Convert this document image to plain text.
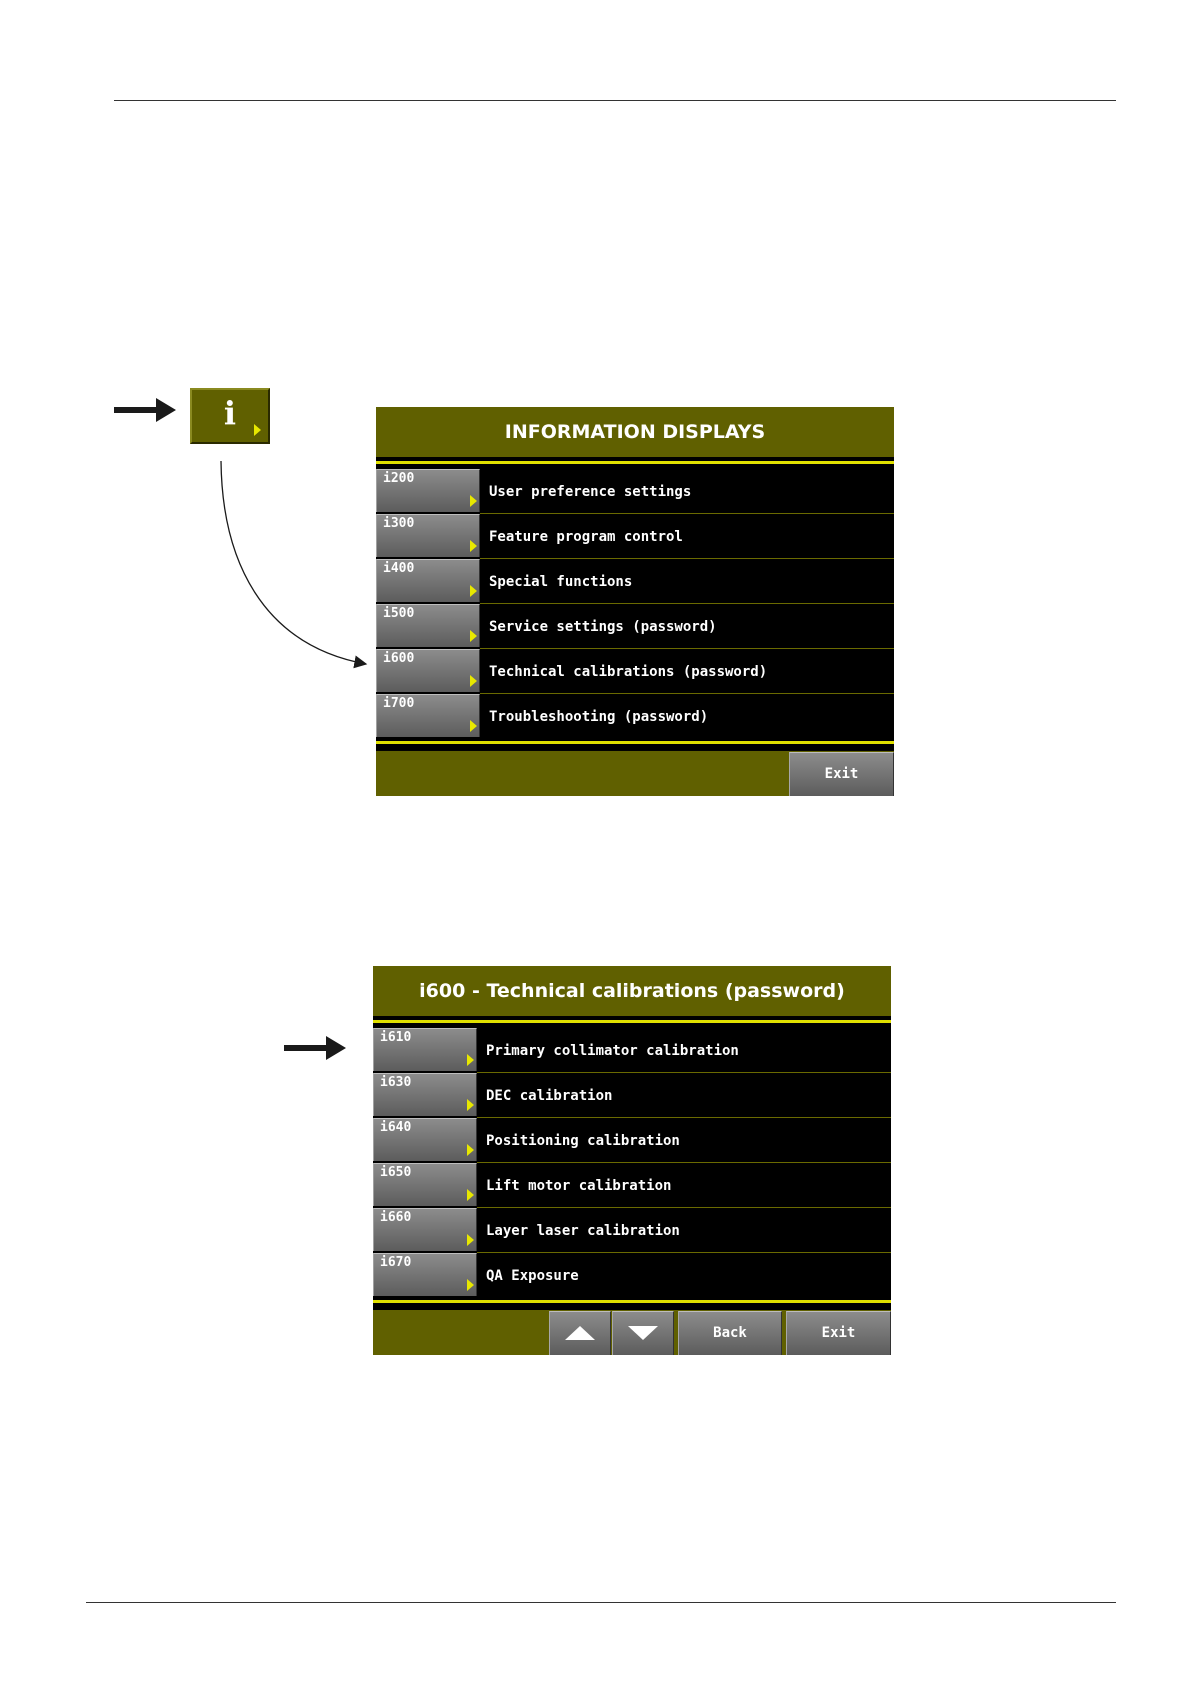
i	INFORMATION DISPLAYS
i200
User preference settings
i300
Feature program control
i400
Special functions
i500
Service settings (password)
i600
Technical calibrations (password)
i700
Troubleshooting (password)
Exit
i600 - Technical calibrations (password)
i610
Primary collimator calibration
i630
DEC calibration
i640
Positioning calibration
i650
Lift motor calibration
i660
Layer laser calibration
i670
QA Exposure
Back	Exit
